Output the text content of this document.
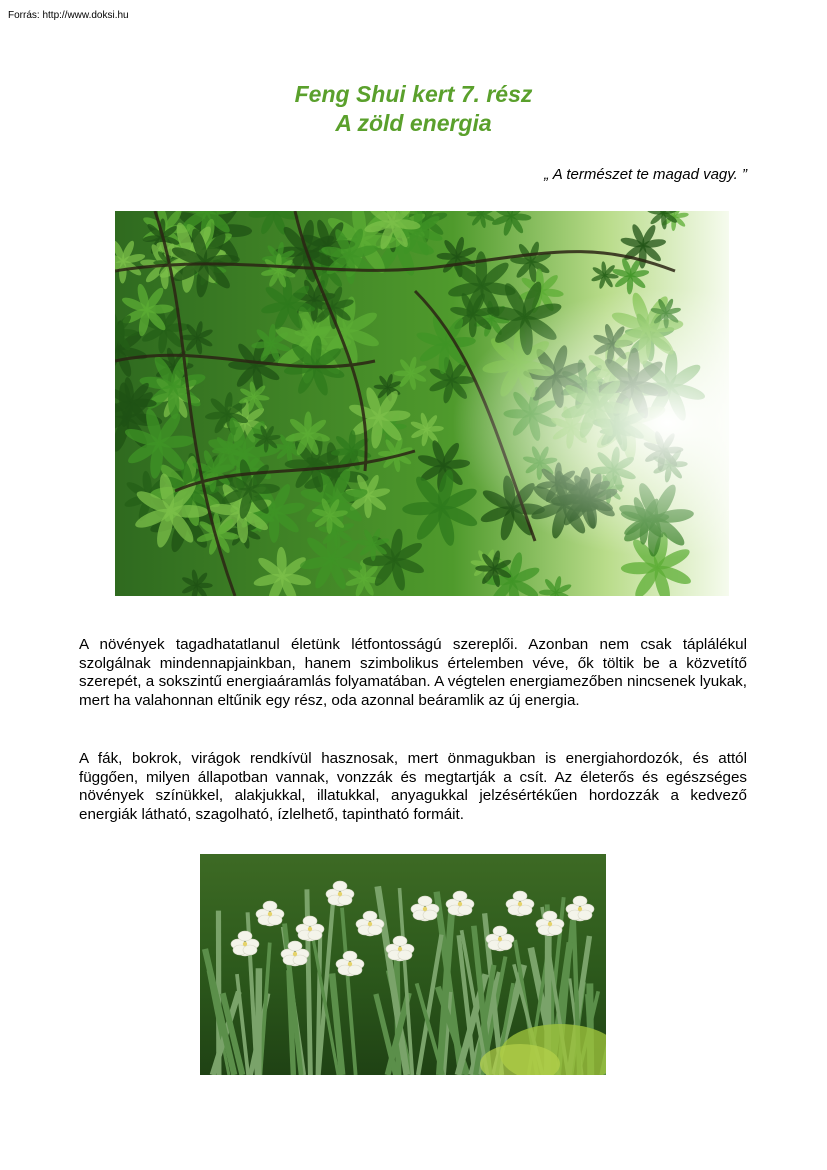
Forrás: http://www.doksi.hu
Feng Shui kert 7. rész
A zöld energia
„ A természet te magad vagy. ”

A növények tagadhatatlanul életünk létfontosságú szereplői. Azonban nem csak táplálékul szolgálnak mindennapjainkban, hanem szimbolikus értelemben véve, ők töltik be a közvetítő szerepét, a sokszintű energiaáramlás folyamatában. A végtelen energiamezőben nincsenek lyukak, mert ha valahonnan eltűnik egy rész, oda azonnal beáramlik az új energia.

A fák, bokrok, virágok rendkívül hasznosak, mert önmagukban is energiahordozók, és attól függően, milyen állapotban vannak, vonzzák és megtartják a csít. Az életerős és egészséges növények színükkel, alakjukkal, illatukkal, anyagukkal jelzésértékűen hordozzák a kedvező energiák látható, szagolható, ízlelhető, tapintható formáit.
